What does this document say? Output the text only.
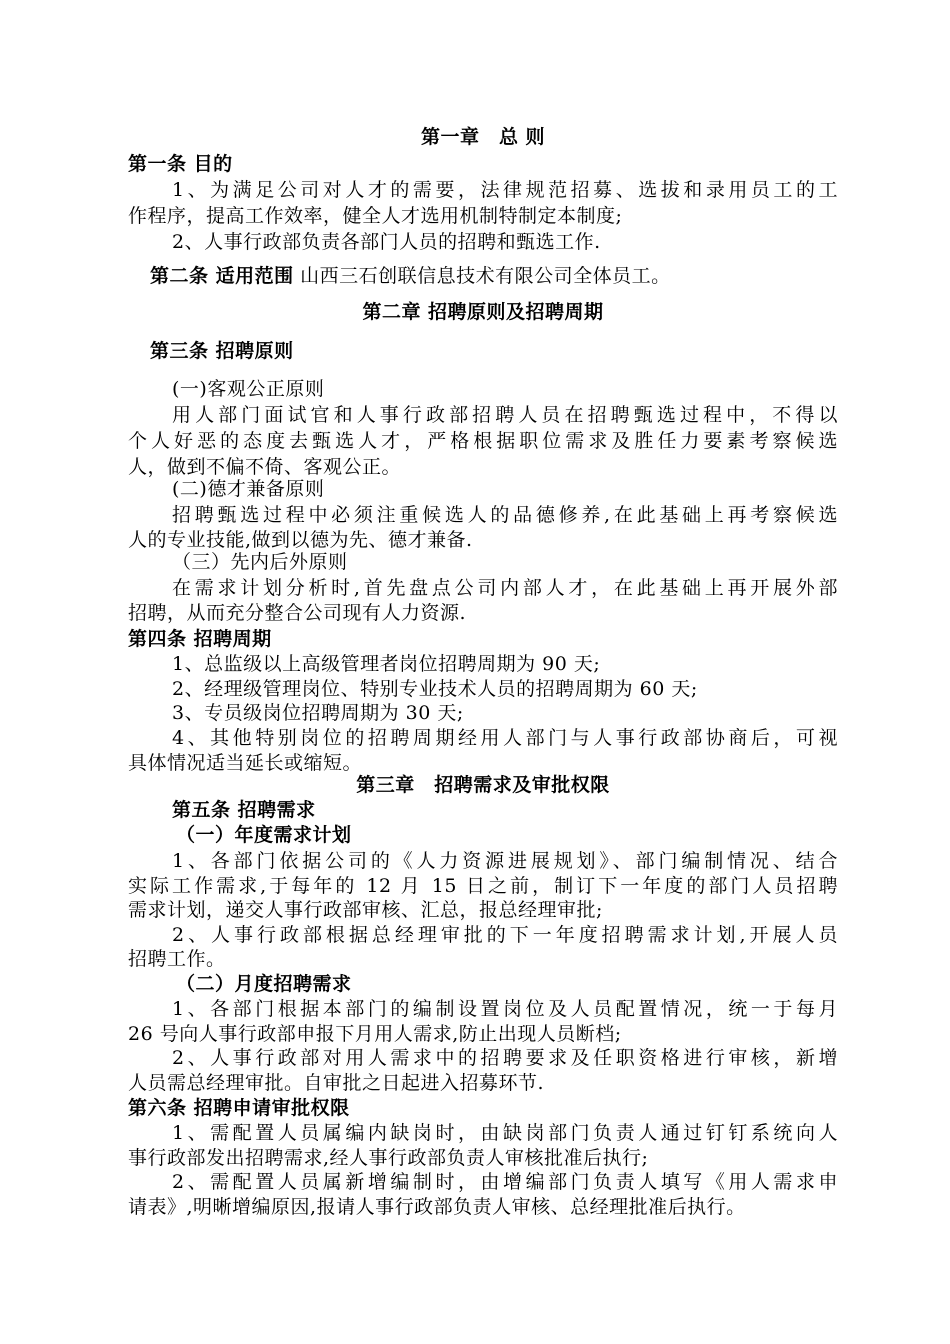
第一章　总 则
第一条 目的
1、为满足公司对人才的需要，法律规范招募、选拔和录用员工的工
作程序，提高工作效率，健全人才选用机制特制定本制度;
2、人事行政部负责各部门人员的招聘和甄选工作.
第二条 适用范围 山西三石创联信息技术有限公司全体员工。
第二章 招聘原则及招聘周期
第三条 招聘原则
(一)客观公正原则
用人部门面试官和人事行政部招聘人员在招聘甄选过程中，不得以
个人好恶的态度去甄选人才，严格根据职位需求及胜任力要素考察候选
人，做到不偏不倚、客观公正。
(二)德才兼备原则
招聘甄选过程中必须注重候选人的品德修养,在此基础上再考察候选
人的专业技能,做到以德为先、德才兼备.
（三）先内后外原则
在需求计划分析时,首先盘点公司内部人才，在此基础上再开展外部
招聘，从而充分整合公司现有人力资源.
第四条 招聘周期
1、总监级以上高级管理者岗位招聘周期为 90 天;
2、经理级管理岗位、特别专业技术人员的招聘周期为 60 天;
3、专员级岗位招聘周期为 30 天;
4、其他特别岗位的招聘周期经用人部门与人事行政部协商后，可视
具体情况适当延长或缩短。
第三章　招聘需求及审批权限
第五条 招聘需求
（一）年度需求计划
1、各部门依据公司的《人力资源进展规划》、部门编制情况、结合
实际工作需求,于每年的 12 月 15 日之前，制订下一年度的部门人员招聘
需求计划，递交人事行政部审核、汇总，报总经理审批;
2、人事行政部根据总经理审批的下一年度招聘需求计划,开展人员
招聘工作。
（二）月度招聘需求
1、各部门根据本部门的编制设置岗位及人员配置情况，统一于每月
26 号向人事行政部申报下月用人需求,防止出现人员断档;
2、人事行政部对用人需求中的招聘要求及任职资格进行审核，新增
人员需总经理审批。自审批之日起进入招募环节.
第六条 招聘申请审批权限
1、需配置人员属编内缺岗时，由缺岗部门负责人通过钉钉系统向人
事行政部发出招聘需求,经人事行政部负责人审核批准后执行;
2、需配置人员属新增编制时，由增编部门负责人填写《用人需求申
请表》,明晰增编原因,报请人事行政部负责人审核、总经理批准后执行。
